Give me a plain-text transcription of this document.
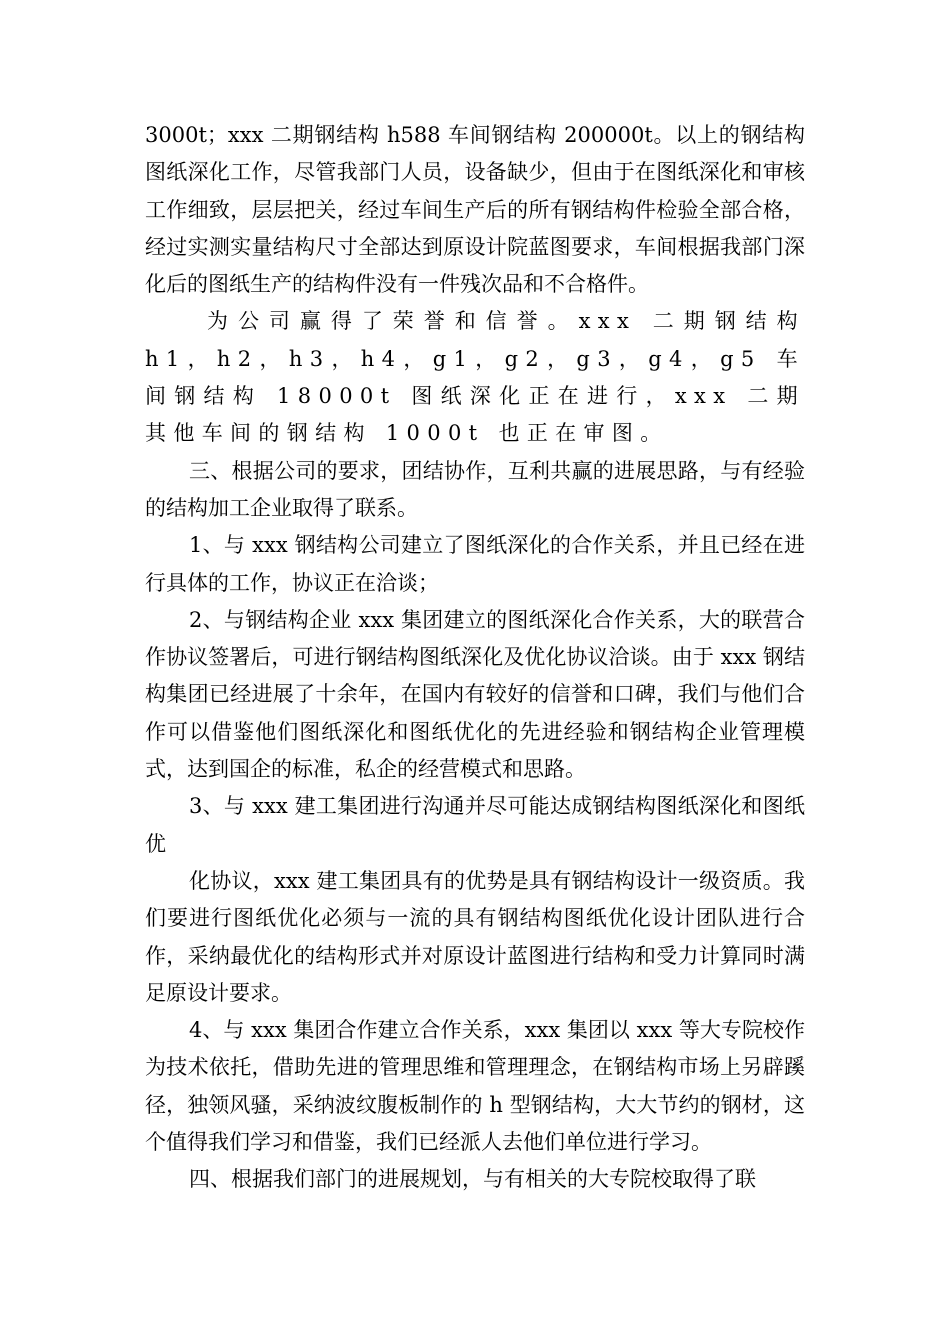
3000t；xxx 二期钢结构 h588 车间钢结构 200000t。以上的钢结构图纸深化工作，尽管我部门人员，设备缺少，但由于在图纸深化和审核工作细致，层层把关，经过车间生产后的所有钢结构件检验全部合格，经过实测实量结构尺寸全部达到原设计院蓝图要求，车间根据我部门深化后的图纸生产的结构件没有一件残次品和不合格件。

为公司赢得了荣誉和信誉。xxx 二期钢结构 h1，h2，h3，h4，g1，g2，g3，g4，g5 车间钢结构 18000t 图纸深化正在进行，xxx 二期其他车间的钢结构 1000t 也正在审图。

三、根据公司的要求，团结协作，互利共赢的进展思路，与有经验的结构加工企业取得了联系。

1、与 xxx 钢结构公司建立了图纸深化的合作关系，并且已经在进行具体的工作，协议正在洽谈；

2、与钢结构企业 xxx 集团建立的图纸深化合作关系，大的联营合作协议签署后，可进行钢结构图纸深化及优化协议洽谈。由于 xxx 钢结构集团已经进展了十余年，在国内有较好的信誉和口碑，我们与他们合作可以借鉴他们图纸深化和图纸优化的先进经验和钢结构企业管理模式，达到国企的标准，私企的经营模式和思路。

3、与 xxx 建工集团进行沟通并尽可能达成钢结构图纸深化和图纸优

化协议，xxx 建工集团具有的优势是具有钢结构设计一级资质。我们要进行图纸优化必须与一流的具有钢结构图纸优化设计团队进行合作，采纳最优化的结构形式并对原设计蓝图进行结构和受力计算同时满足原设计要求。

4、与 xxx 集团合作建立合作关系，xxx 集团以 xxx 等大专院校作为技术依托，借助先进的管理思维和管理理念，在钢结构市场上另辟蹊径，独领风骚，采纳波纹腹板制作的 h 型钢结构，大大节约的钢材，这个值得我们学习和借鉴，我们已经派人去他们单位进行学习。

四、根据我们部门的进展规划，与有相关的大专院校取得了联
